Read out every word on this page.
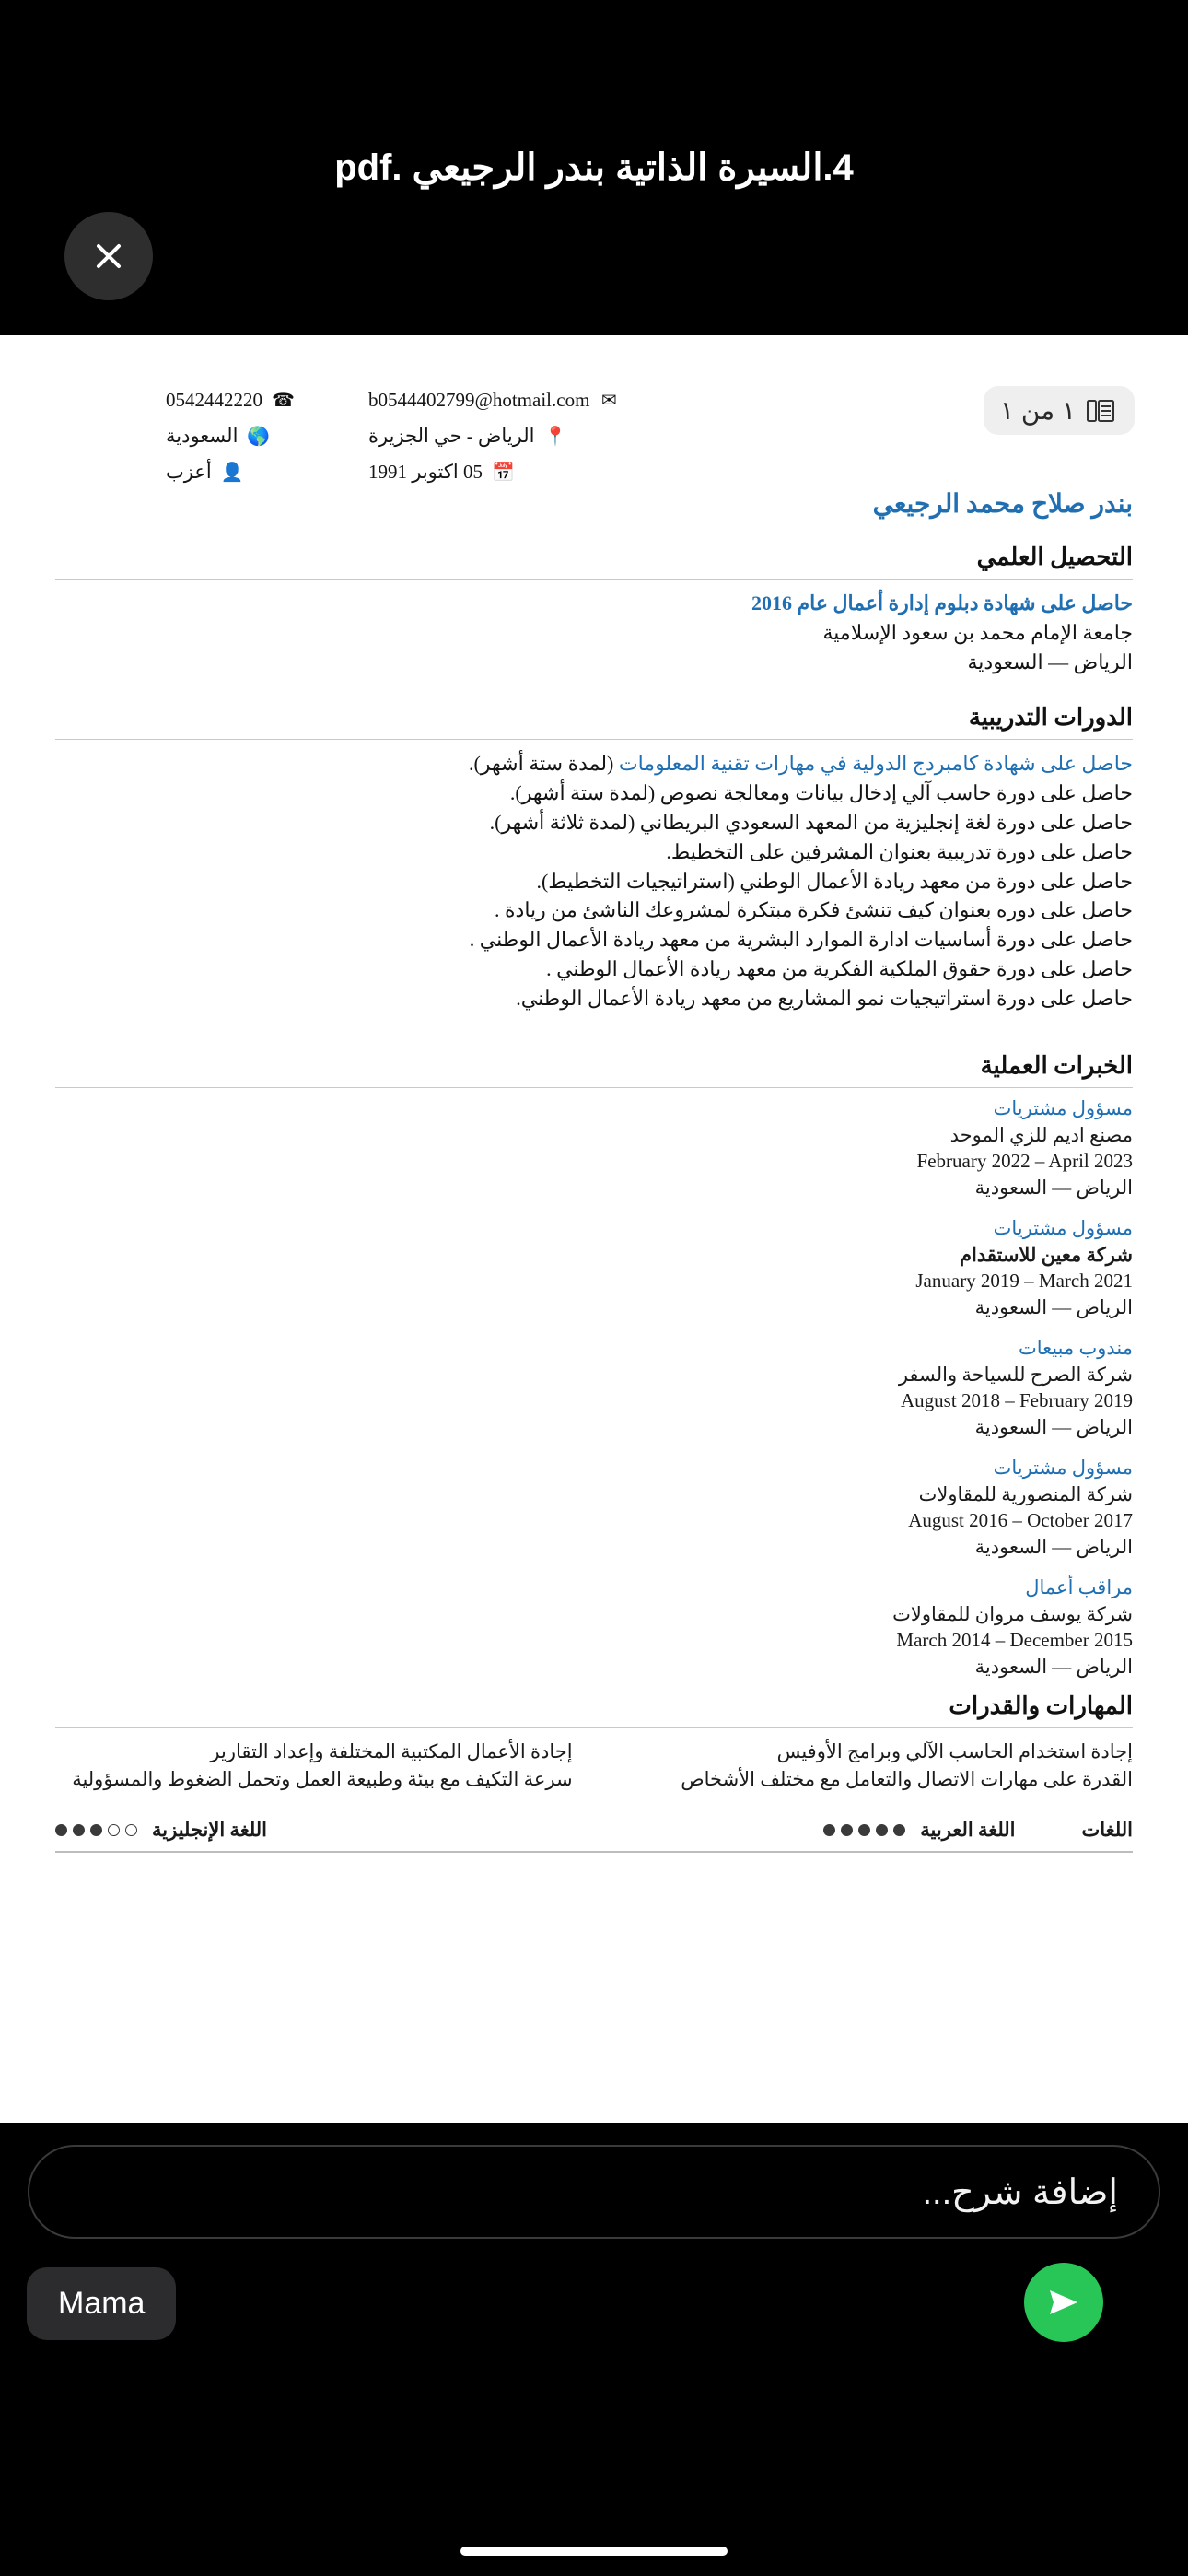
4.السيرة الذاتية بندر الرجيعي .pdf
١ من ١
0542442220 ☎
السعودية 🌎
أعزب 👤
b0544402799@hotmail.com ✉
الرياض - حي الجزيرة 📍
05 اكتوبر 1991 📅
بندر صلاح محمد الرجيعي
التحصيل العلمي
حاصل على شهادة دبلوم إدارة أعمال عام 2016
جامعة الإمام محمد بن سعود الإسلامية
الرياض — السعودية
الدورات التدريبية
حاصل على شهادة كامبردج الدولية في مهارات تقنية المعلومات (لمدة ستة أشهر).
حاصل على دورة حاسب آلي إدخال بيانات ومعالجة نصوص (لمدة ستة أشهر).
حاصل على دورة لغة إنجليزية من المعهد السعودي البريطاني (لمدة ثلاثة أشهر).
حاصل على دورة تدريبية بعنوان المشرفين على التخطيط.
حاصل على دورة من معهد ريادة الأعمال الوطني (استراتيجيات التخطيط).
حاصل على دوره بعنوان كيف تنشئ فكرة مبتكرة لمشروعك الناشئ من ريادة .
حاصل على دورة أساسيات ادارة الموارد البشرية من معهد ريادة الأعمال الوطني .
حاصل على دورة حقوق الملكية الفكرية من معهد ريادة الأعمال الوطني .
حاصل على دورة استراتيجيات نمو المشاريع من معهد ريادة الأعمال الوطني.
الخبرات العملية
مسؤول مشتريات
مصنع اديم للزي الموحد
February 2022 – April 2023
الرياض — السعودية
مسؤول مشتريات
شركة معين للاستقدام
January 2019 – March 2021
الرياض — السعودية
مندوب مبيعات
شركة الصرح للسياحة والسفر
August 2018 – February 2019
الرياض — السعودية
مسؤول مشتريات
شركة المنصورية للمقاولات
August 2016 – October 2017
الرياض — السعودية
مراقب أعمال
شركة يوسف مروان للمقاولات
March 2014 – December 2015
الرياض — السعودية
المهارات والقدرات
إجادة استخدام الحاسب الآلي وبرامج الأوفيس
القدرة على مهارات الاتصال والتعامل مع مختلف الأشخاص
إجادة الأعمال المكتبية المختلفة وإعداد التقارير
سرعة التكيف مع بيئة وطبيعة العمل وتحمل الضغوط والمسؤولية
اللغات
اللغة العربية
اللغة الإنجليزية
إضافة شرح...
Mama
